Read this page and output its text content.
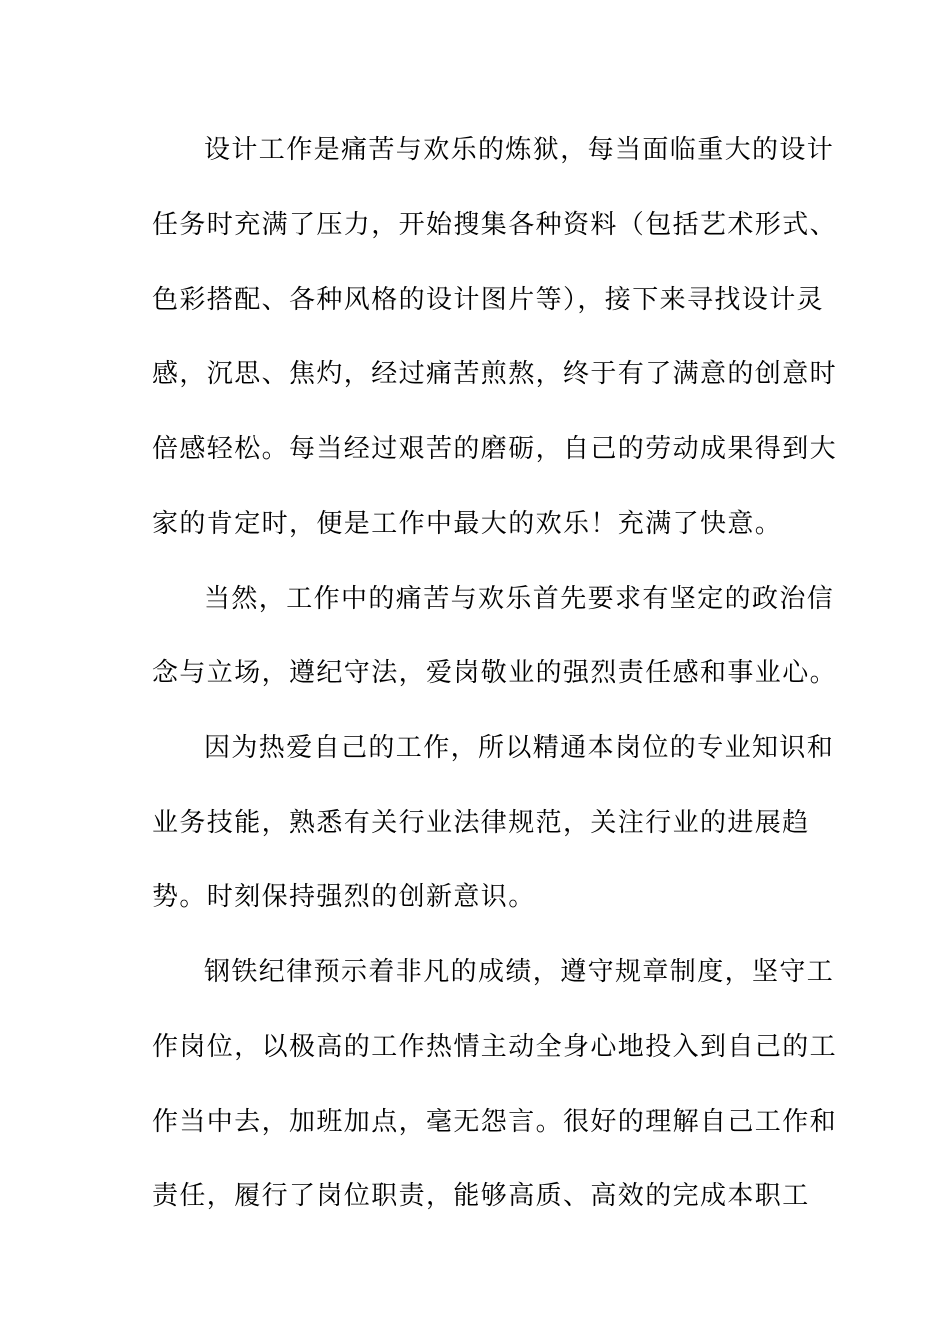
设计工作是痛苦与欢乐的炼狱，每当面临重大的设计
任务时充满了压力，开始搜集各种资料（包括艺术形式、
色彩搭配、各种风格的设计图片等），接下来寻找设计灵
感，沉思、焦灼，经过痛苦煎熬，终于有了满意的创意时
倍感轻松。每当经过艰苦的磨砺，自己的劳动成果得到大
家的肯定时，便是工作中最大的欢乐！充满了快意。
当然，工作中的痛苦与欢乐首先要求有坚定的政治信
念与立场，遵纪守法，爱岗敬业的强烈责任感和事业心。
因为热爱自己的工作，所以精通本岗位的专业知识和
业务技能，熟悉有关行业法律规范，关注行业的进展趋
势。时刻保持强烈的创新意识。
钢铁纪律预示着非凡的成绩，遵守规章制度，坚守工
作岗位，以极高的工作热情主动全身心地投入到自己的工
作当中去，加班加点，毫无怨言。很好的理解自己工作和
责任，履行了岗位职责，能够高质、高效的完成本职工
